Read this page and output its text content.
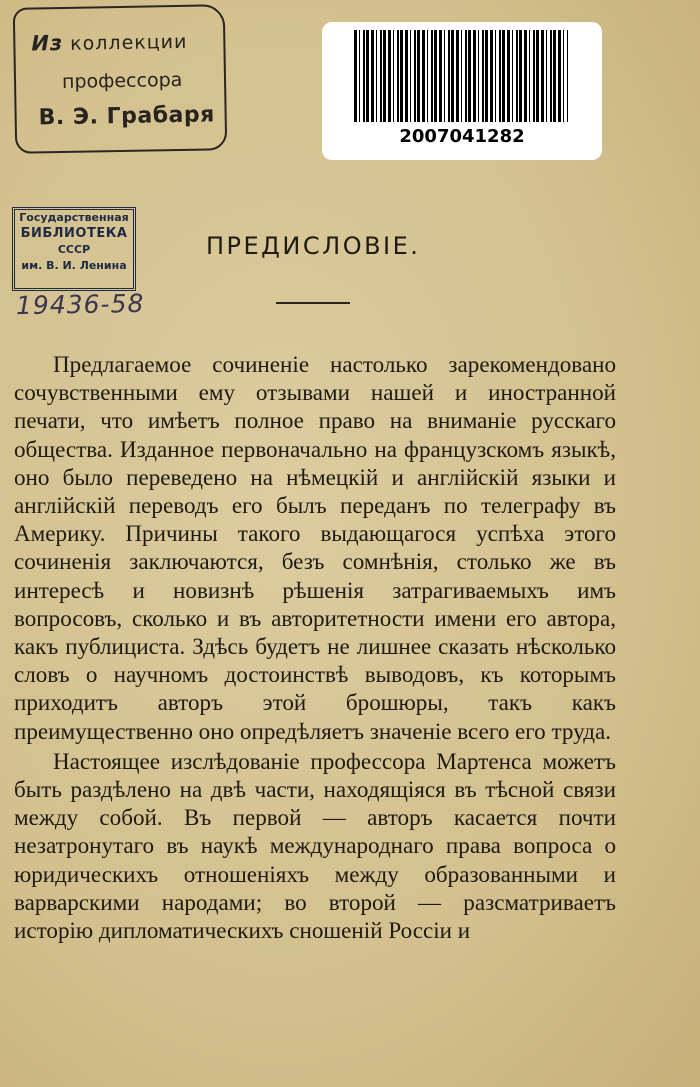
Из коллекции
профессора
В. Э. Грабаря
2007041282
Государственная
БИБЛИОТЕКА
СССР
им. В. И. Ленина
19436-58
ПРЕДИСЛОВІЕ.

Предлагаемое сочиненіе настолько зарекомендовано сочувственными ему отзывами нашей и иностранной печати, что имѣетъ полное право на вниманіе русскаго общества. Изданное первоначально на французскомъ языкѣ, оно было переведено на нѣмецкій и англійскій языки и англійскій переводъ его былъ переданъ по телеграфу въ Америку. Причины такого выдающагося успѣха этого сочиненія заключаются, безъ сомнѣнія, столько же въ интересѣ и новизнѣ рѣшенія затрагиваемыхъ имъ вопросовъ, сколько и въ авторитетности имени его автора, какъ публициста. Здѣсь будетъ не лишнее сказать нѣсколько словъ о научномъ достоинствѣ выводовъ, къ которымъ приходитъ авторъ этой брошюры, такъ какъ преимущественно оно опредѣляетъ значеніе всего его труда.

Настоящее изслѣдованіе профессора Мартенса можетъ быть раздѣлено на двѣ части, находящіяся въ тѣсной связи между собой. Въ первой — авторъ касается почти незатронутаго въ наукѣ международнаго права вопроса о юридическихъ отношеніяхъ между образованными и варварскими народами; во второй — разсматриваетъ исторію дипломатическихъ сношеній Россіи и
